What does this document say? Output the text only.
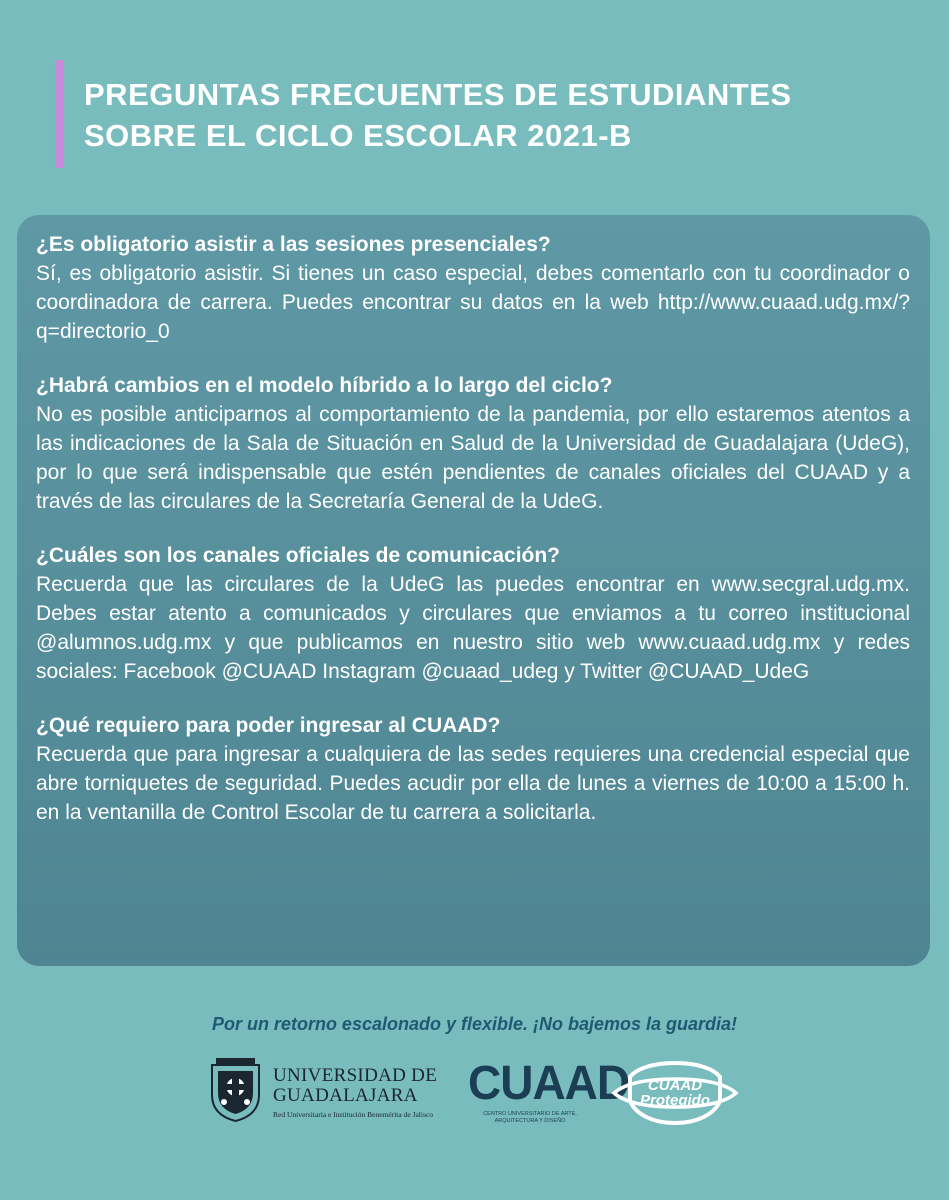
PREGUNTAS FRECUENTES DE ESTUDIANTES
SOBRE EL CICLO ESCOLAR 2021-B

¿Es obligatorio asistir a las sesiones presenciales?

Sí, es obligatorio asistir. Si tienes un caso especial, debes comentarlo con tu coordinador o coordinadora de carrera. Puedes encontrar su datos en la web http://www.cuaad.udg.mx/?q=directorio_0

¿Habrá cambios en el modelo híbrido a lo largo del ciclo?

No es posible anticiparnos al comportamiento de la pandemia, por ello estaremos atentos a las indicaciones de la Sala de Situación en Salud de la Universidad de Guadalajara (UdeG), por lo que será indispensable que estén pendientes de canales oficiales del CUAAD y a través de las circulares de la Secretaría General de la UdeG.

¿Cuáles son los canales oficiales de comunicación?

Recuerda que las circulares de la UdeG las puedes encontrar en www.secgral.udg.mx. Debes estar atento a comunicados y circulares que enviamos a tu correo institucional @alumnos.udg.mx y que publicamos en nuestro sitio web www.cuaad.udg.mx y redes sociales: Facebook @CUAAD Instagram @cuaad_udeg y Twitter @CUAAD_UdeG

¿Qué requiero para poder ingresar al CUAAD?

Recuerda que para ingresar a cualquiera de las sedes requieres una credencial especial que abre torniquetes de seguridad. Puedes acudir por ella de lunes a viernes de 10:00 a 15:00 h. en la ventanilla de Control Escolar de tu carrera a solicitarla.

Por un retorno escalonado y flexible. ¡No bajemos la guardia!

UNIVERSIDAD DE

GUADALAJARA

Red Universitaria e Institución Benemérita de Jalisco

CUAAD

CENTRO UNIVERSITARIO DE ARTE, ARQUITECTURA Y DISEÑO

CUAAD
Protegido
